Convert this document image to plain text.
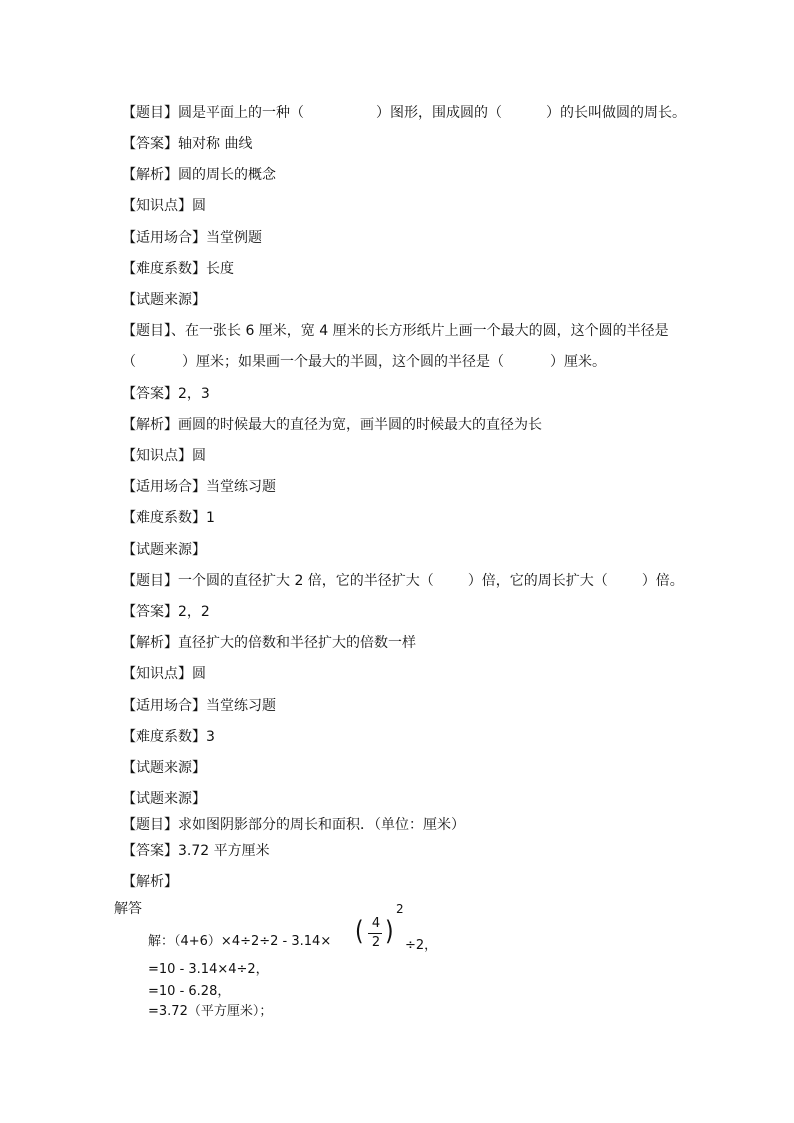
【题目】圆是平面上的一种（	）图形，围成圆的（	）的长叫做圆的周长。
【答案】轴对称 曲线
【解析】圆的周长的概念
【知识点】圆
【适用场合】当堂例题
【难度系数】长度
【试题来源】
【题目】、在一张长 6 厘米，宽 4 厘米的长方形纸片上画一个最大的圆，这个圆的半径是
（	）厘米；如果画一个最大的半圆，这个圆的半径是（	）厘米。
【答案】2，3
【解析】画圆的时候最大的直径为宽，画半圆的时候最大的直径为长
【知识点】圆
【适用场合】当堂练习题
【难度系数】1
【试题来源】
【题目】一个圆的直径扩大 2 倍，它的半径扩大（ ）倍，它的周长扩大（ ）倍。
【答案】2，2
【解析】直径扩大的倍数和半径扩大的倍数一样
【知识点】圆
【适用场合】当堂练习题
【难度系数】3
【试题来源】
【试题来源】
【题目】求如图阴影部分的周长和面积．（单位：厘米）
【答案】3.72 平方厘米
【解析】
解答
解：（4+6）×4÷2÷2 - 3.14× ( 4
2 )
2
÷2，
=10 - 3.14×4÷2，
=10 - 6.28，
=3.72（平方厘米）；
